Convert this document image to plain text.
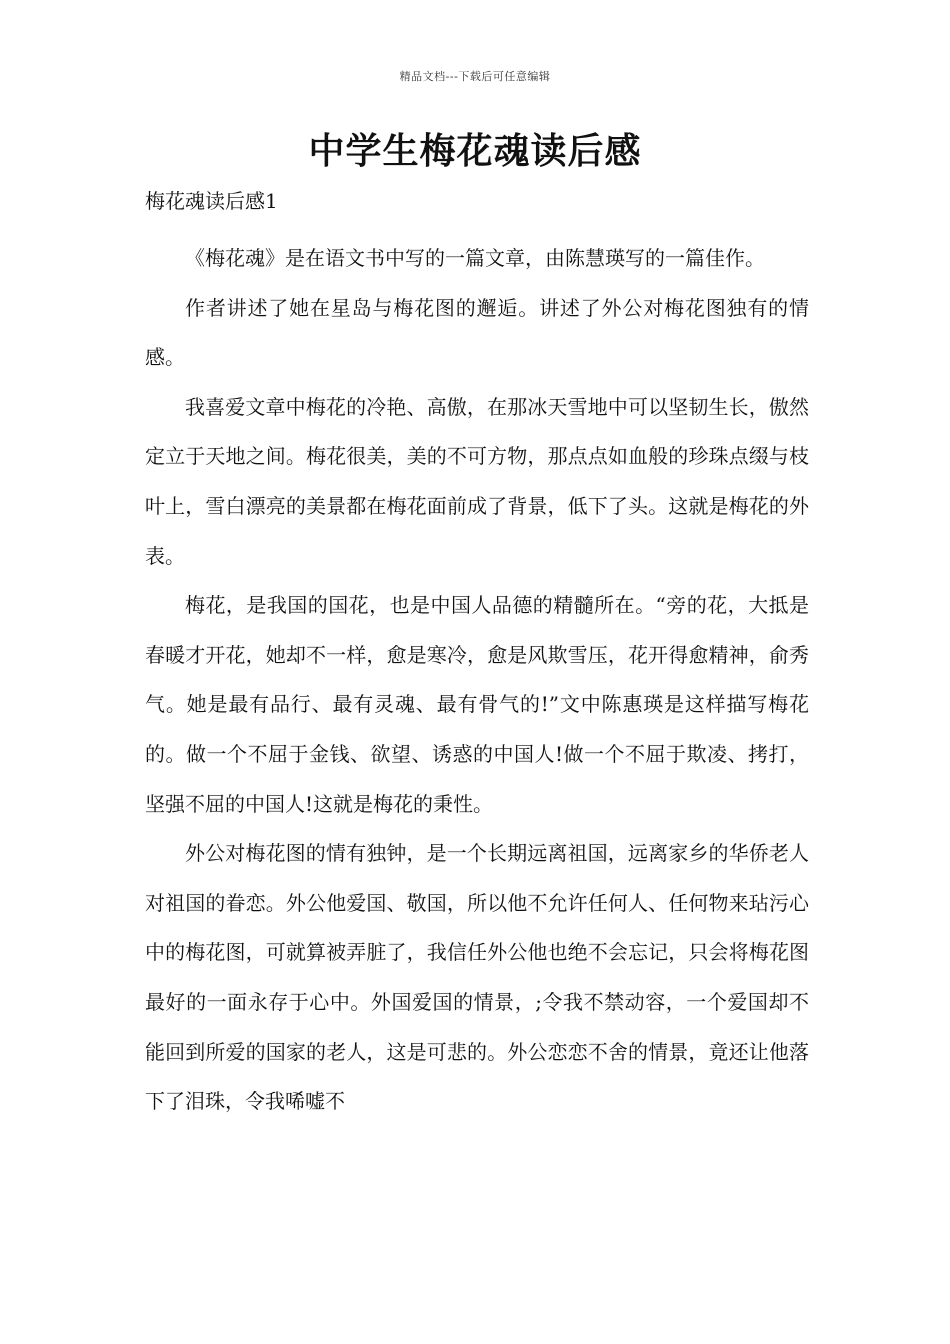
精品文档---下载后可任意编辑
中学生梅花魂读后感
梅花魂读后感1

《梅花魂》是在语文书中写的一篇文章，由陈慧瑛写的一篇佳作。

作者讲述了她在星岛与梅花图的邂逅。讲述了外公对梅花图独有的情感。

我喜爱文章中梅花的冷艳、高傲，在那冰天雪地中可以坚韧生长，傲然定立于天地之间。梅花很美，美的不可方物，那点点如血般的珍珠点缀与枝叶上，雪白漂亮的美景都在梅花面前成了背景，低下了头。这就是梅花的外表。

梅花，是我国的国花，也是中国人品德的精髓所在。“旁的花，大抵是春暖才开花，她却不一样，愈是寒冷，愈是风欺雪压，花开得愈精神，俞秀气。她是最有品行、最有灵魂、最有骨气的!”文中陈惠瑛是这样描写梅花的。做一个不屈于金钱、欲望、诱惑的中国人!做一个不屈于欺凌、拷打，坚强不屈的中国人!这就是梅花的秉性。

外公对梅花图的情有独钟，是一个长期远离祖国，远离家乡的华侨老人对祖国的眷恋。外公他爱国、敬国，所以他不允许任何人、任何物来玷污心中的梅花图，可就算被弄脏了，我信任外公他也绝不会忘记，只会将梅花图最好的一面永存于心中。外国爱国的情景，;令我不禁动容，一个爱国却不能回到所爱的国家的老人，这是可悲的。外公恋恋不舍的情景，竟还让他落下了泪珠，令我唏嘘不
